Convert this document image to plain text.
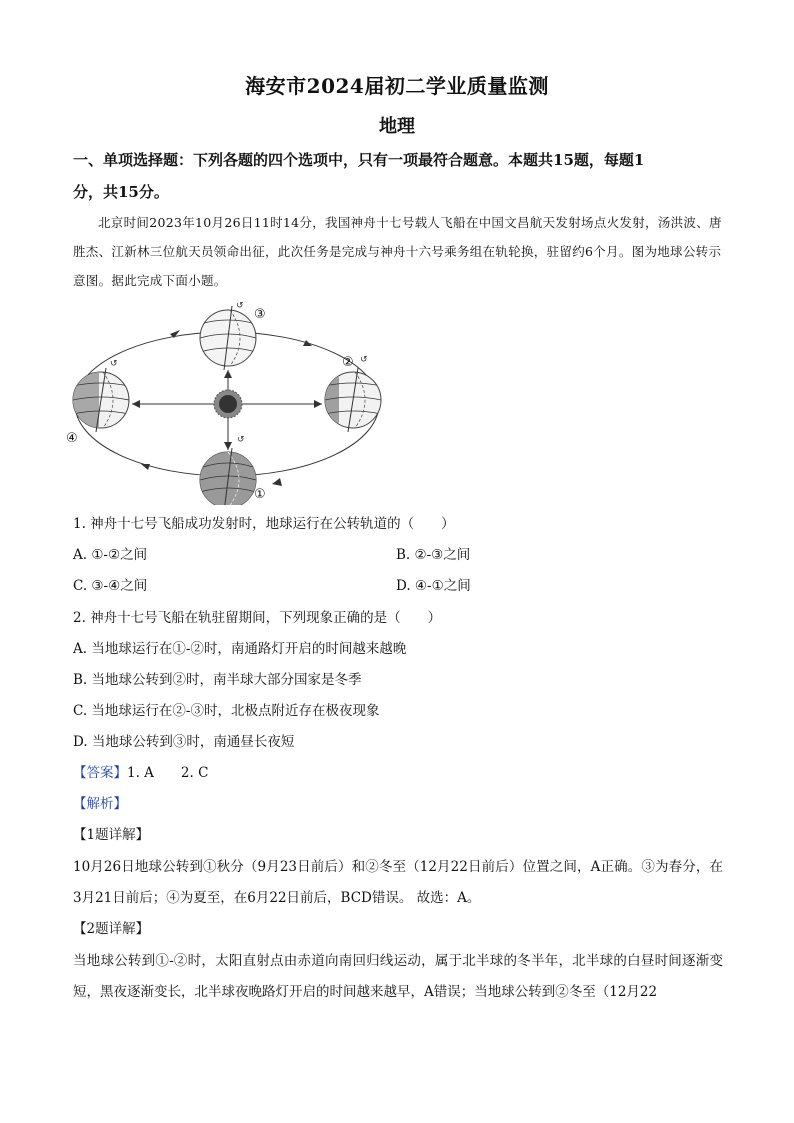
海安市2024届初二学业质量监测
地理
一、单项选择题：下列各题的四个选项中，只有一项最符合题意。本题共15题，每题1
分，共15分。
北京时间2023年10月26日11时14分，我国神舟十七号载人飞船在中国文昌航天发射场点火发射，汤洪波、唐胜杰、江新林三位航天员领命出征，此次任务是完成与神舟十六号乘务组在轨轮换，驻留约6个月。图为地球公转示意图。据此完成下面小题。
↺
①
↺
②
↺
③
↺
④
1. 神舟十七号飞船成功发射时，地球运行在公转轨道的（　　）
A. ①-②之间	B. ②-③之间
C. ③-④之间	D. ④-①之间
2. 神舟十七号飞船在轨驻留期间，下列现象正确的是（　　）
A. 当地球运行在①-②时，南通路灯开启的时间越来越晚
B. 当地球公转到②时，南半球大部分国家是冬季
C. 当地球运行在②-③时，北极点附近存在极夜现象
D. 当地球公转到③时，南通昼长夜短
【答案】1. A　　2. C
【解析】
【1题详解】
10月26日地球公转到①秋分（9月23日前后）和②冬至（12月22日前后）位置之间，A正确。③为春分，在3月21日前后；④为夏至，在6月22日前后，BCD错误。 故选：A。
【2题详解】
当地球公转到①-②时，太阳直射点由赤道向南回归线运动，属于北半球的冬半年，北半球的白昼时间逐渐变短，黑夜逐渐变长，北半球夜晚路灯开启的时间越来越早，A错误；当地球公转到②冬至（12月22
